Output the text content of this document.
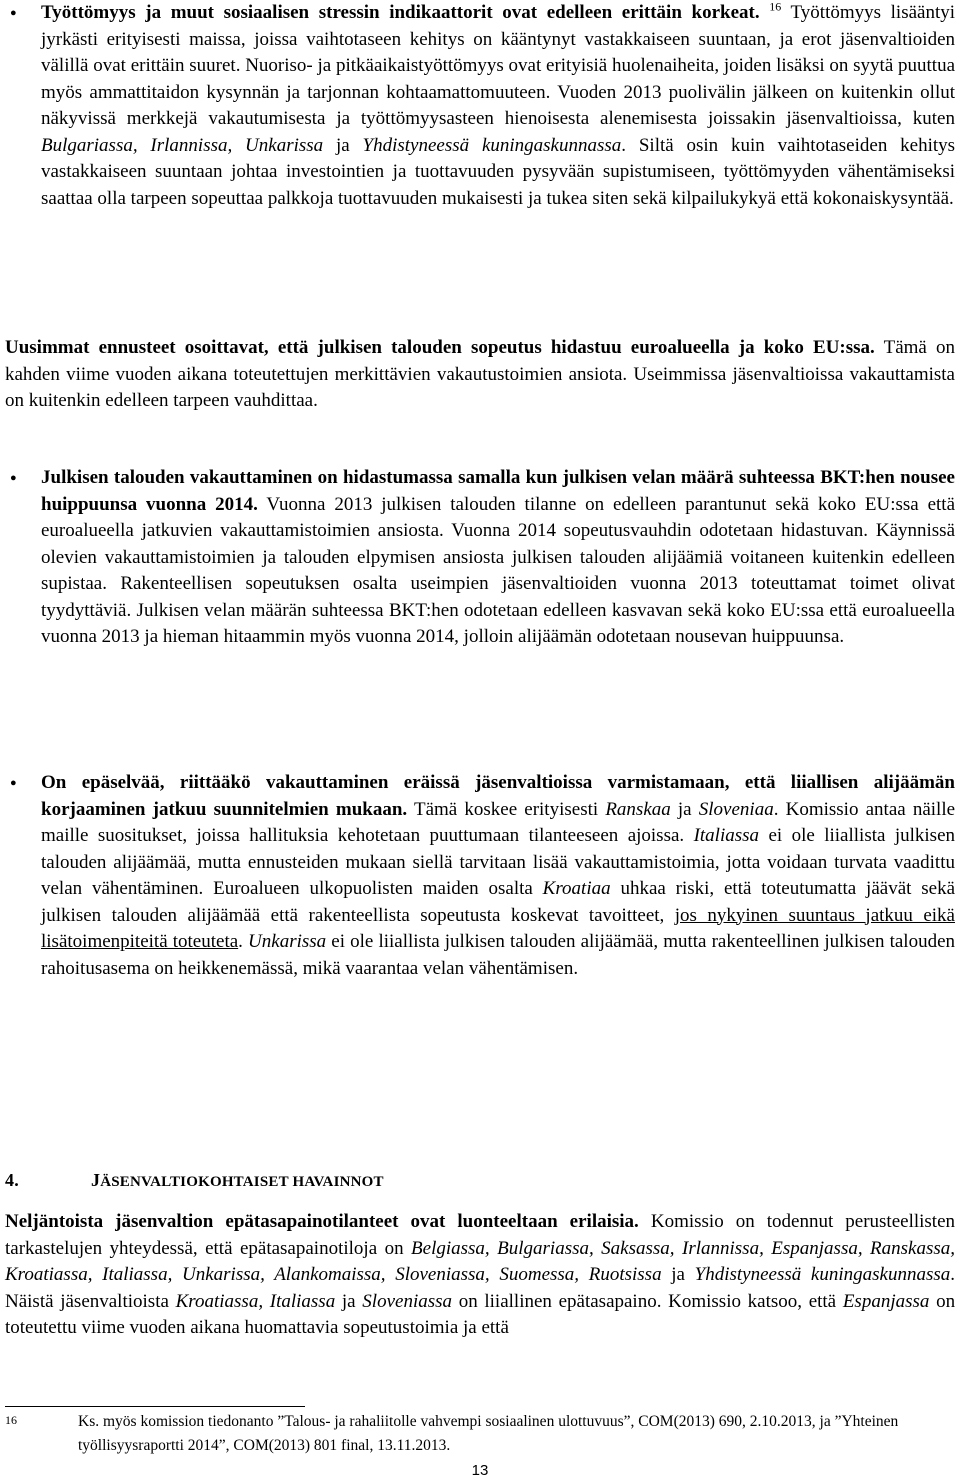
● Työttömyys ja muut sosiaalisen stressin indikaattorit ovat edelleen erittäin korkeat. $^{16}$ Työttömyys lisääntyi jyrkästi erityisesti maissa, joissa vaihtotaseen kehitys on kääntynyt vastakkaiseen suuntaan, ja erot jäsenvaltioiden välillä ovat erittäin suuret. Nuoriso- ja pitkäaikaistyöttömyys ovat erityisiä huolenaiheita, joiden lisäksi on syytä puuttua myös ammattitaidon kysynnän ja tarjonnan kohtaamattomuuteen. Vuoden 2013 puolivälin jälkeen on kuitenkin ollut näkyvissä merkkejä vakautumisesta ja työttömyysasteen hienoisesta alenemisesta joissakin jäsenvaltioissa, kuten Bulgariassa, Irlannissa, Unkarissa ja Yhdistyneessä kuningaskunnassa. Siltä osin kuin vaihtotaseiden kehitys vastakkaiseen suuntaan johtaa investointien ja tuottavuuden pysyvään supistumiseen, työttömyyden vähentämiseksi saattaa olla tarpeen sopeuttaa palkkoja tuottavuuden mukaisesti ja tukea siten sekä kilpailukykyä että kokonaiskysyntää.

Uusimmat ennusteet osoittavat, että julkisen talouden sopeutus hidastuu euroalueella ja koko EU:ssa. Tämä on kahden viime vuoden aikana toteutettujen merkittävien vakautustoimien ansiota. Useimmissa jäsenvaltioissa vakauttamista on kuitenkin edelleen tarpeen vauhdittaa.

● Julkisen talouden vakauttaminen on hidastumassa samalla kun julkisen velan määrä suhteessa BKT:hen nousee huippuunsa vuonna 2014. Vuonna 2013 julkisen talouden tilanne on edelleen parantunut sekä koko EU:ssa että euroalueella jatkuvien vakauttamistoimien ansiosta. Vuonna 2014 sopeutusvauhdin odotetaan hidastuvan. Käynnissä olevien vakauttamistoimien ja talouden elpymisen ansiosta julkisen talouden alijäämiä voitaneen kuitenkin edelleen supistaa. Rakenteellisen sopeutuksen osalta useimpien jäsenvaltioiden vuonna 2013 toteuttamat toimet olivat tyydyttäviä. Julkisen velan määrän suhteessa BKT:hen odotetaan edelleen kasvavan sekä koko EU:ssa että euroalueella vuonna 2013 ja hieman hitaammin myös vuonna 2014, jolloin alijäämän odotetaan nousevan huippuunsa.

● On epäselvää, riittääkö vakauttaminen eräissä jäsenvaltioissa varmistamaan, että liiallisen alijäämän korjaaminen jatkuu suunnitelmien mukaan. Tämä koskee erityisesti Ranskaa ja Sloveniaa. Komissio antaa näille maille suositukset, joissa hallituksia kehotetaan puuttumaan tilanteeseen ajoissa. Italiassa ei ole liiallista julkisen talouden alijäämää, mutta ennusteiden mukaan siellä tarvitaan lisää vakauttamistoimia, jotta voidaan turvata vaadittu velan vähentäminen. Euroalueen ulkopuolisten maiden osalta Kroatiaa uhkaa riski, että toteutumatta jäävät sekä julkisen talouden alijäämää että rakenteellista sopeutusta koskevat tavoitteet, jos nykyinen suuntaus jatkuu eikä lisätoimenpiteitä toteuteta. Unkarissa ei ole liiallista julkisen talouden alijäämää, mutta rakenteellinen julkisen talouden rahoitusasema on heikkenemässä, mikä vaarantaa velan vähentämisen.

4.	JÄSENVALTIOKOHTAISET HAVAINNOT

Neljäntoista jäsenvaltion epätasapainotilanteet ovat luonteeltaan erilaisia. Komissio on todennut perusteellisten tarkastelujen yhteydessä, että epätasapainotiloja on Belgiassa, Bulgariassa, Saksassa, Irlannissa, Espanjassa, Ranskassa, Kroatiassa, Italiassa, Unkarissa, Alankomaissa, Sloveniassa, Suomessa, Ruotsissa ja Yhdistyneessä kuningaskunnassa. Näistä jäsenvaltioista Kroatiassa, Italiassa ja Sloveniassa on liiallinen epätasapaino. Komissio katsoo, että Espanjassa on toteutettu viime vuoden aikana huomattavia sopeutustoimia ja että

16	Ks. myös komission tiedonanto ”Talous- ja rahaliitolle vahvempi sosiaalinen ulottuvuus”, COM(2013) 690, 2.10.2013, ja ”Yhteinen työllisyysraportti 2014”, COM(2013) 801 final, 13.11.2013.
13
